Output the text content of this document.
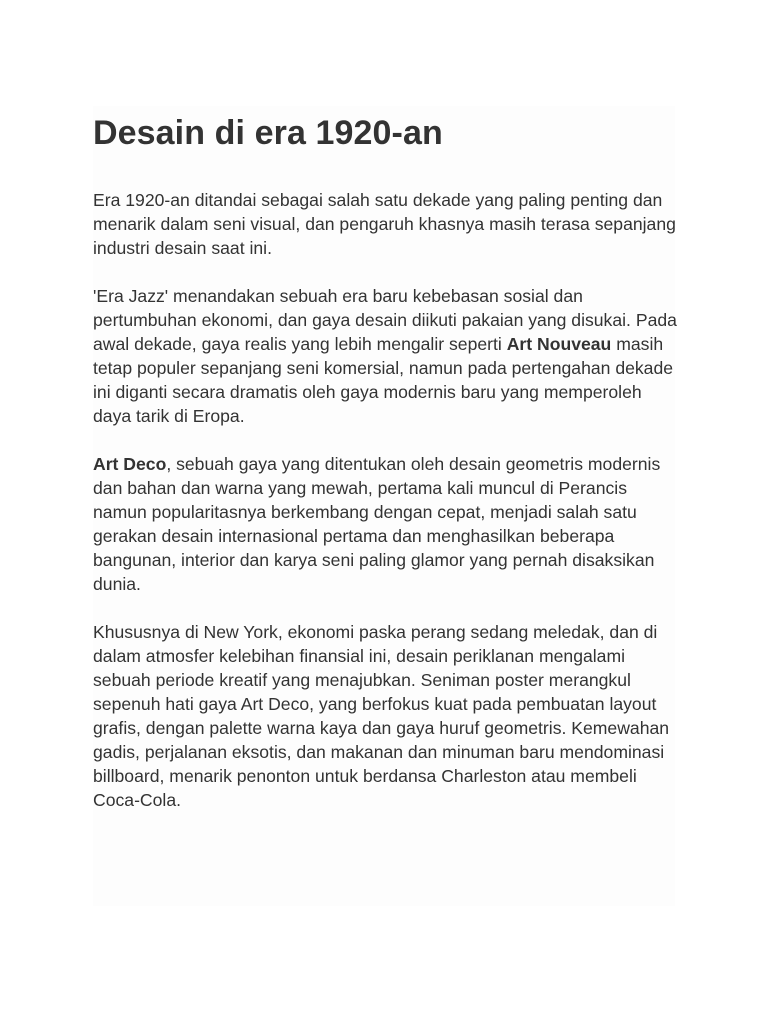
Desain di era 1920-an

Era 1920-an ditandai sebagai salah satu dekade yang paling penting dan menarik dalam seni visual, dan pengaruh khasnya masih terasa sepanjang industri desain saat ini.

'Era Jazz' menandakan sebuah era baru kebebasan sosial dan pertumbuhan ekonomi, dan gaya desain diikuti pakaian yang disukai. Pada awal dekade, gaya realis yang lebih mengalir seperti Art Nouveau masih tetap populer sepanjang seni komersial, namun pada pertengahan dekade ini diganti secara dramatis oleh gaya modernis baru yang memperoleh daya tarik di Eropa.

Art Deco, sebuah gaya yang ditentukan oleh desain geometris modernis dan bahan dan warna yang mewah, pertama kali muncul di Perancis namun popularitasnya berkembang dengan cepat, menjadi salah satu gerakan desain internasional pertama dan menghasilkan beberapa bangunan, interior dan karya seni paling glamor yang pernah disaksikan dunia.

Khususnya di New York, ekonomi paska perang sedang meledak, dan di dalam atmosfer kelebihan finansial ini, desain periklanan mengalami sebuah periode kreatif yang menajubkan. Seniman poster merangkul sepenuh hati gaya Art Deco, yang berfokus kuat pada pembuatan layout grafis, dengan palette warna kaya dan gaya huruf geometris. Kemewahan gadis, perjalanan eksotis, dan makanan dan minuman baru mendominasi billboard, menarik penonton untuk berdansa Charleston atau membeli Coca-Cola.
